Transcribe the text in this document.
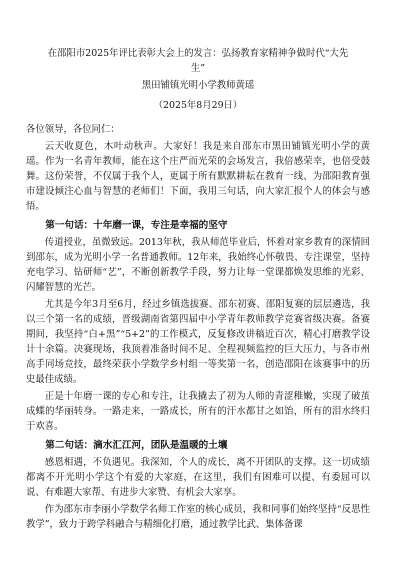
在邵阳市2025年评比表彰大会上的发言：弘扬教育家精神争做时代“大先
生”
黑田铺镇光明小学教师黄瑶
（2025年8月29日）
各位领导，各位同仁：

云天收夏色，木叶动秋声。大家好！我是来自邵东市黑田铺镇光明小学的黄瑶。作为一名青年教师，能在这个庄严而光荣的会场发言，我倍感荣幸，也倍受鼓舞。这份荣誉，不仅属于我个人，更属于所有默默耕耘在教育一线、为邵阳教育强市建设倾注心血与智慧的老师们！下面，我用三句话，向大家汇报个人的体会与感悟。

第一句话：十年磨一课，专注是幸福的坚守

传道授业，虽微致远。2013年秋，我从师范毕业后，怀着对家乡教育的深情回到邵东，成为光明小学一名普通教师。12年来，我始终心怀敬畏、专注课堂，坚持充电学习、钻研师“艺”，不断创新教学手段，努力让每一堂课都焕发思维的光彩、闪耀智慧的光芒。

尤其是今年3月至6月，经过乡镇选拔赛、邵东初赛、邵阳复赛的层层遴选，我以三个第一名的成绩，晋级湖南省第四届中小学青年教师教学竞赛省级决赛。备赛期间，我坚持“白+黑”“5+2”的工作模式，反复修改讲稿近百次，精心打磨教学设计十余篇。决赛现场，我顶着准备时间不足、全程视频监控的巨大压力，与各市州高手同场竞技，最终荣获小学数学乡村组一等奖第一名，创造邵阳在该赛事中的历史最佳成绩。

正是十年磨一课的专心和专注，让我撬去了初为人师的青涩稚嫩，实现了破茧成蝶的华丽转身。一路走来，一路成长，所有的汗水都甘之如饴，所有的泪水终归于欢喜。

第二句话：滴水汇江河，团队是温暖的土壤

感恩相遇，不负遇见。我深知，个人的成长，离不开团队的支撑。这一切成绩都离不开光明小学这个有爱的大家庭，在这里，我们有困难可以提、有委屈可以说、有难题大家帮、有进步大家赞、有机会大家享。

作为邵东市李丽小学数学名师工作室的核心成员，我和同事们始终坚持“反思性教学”，致力于跨学科融合与精细化打磨，通过教学比武、集体备课
